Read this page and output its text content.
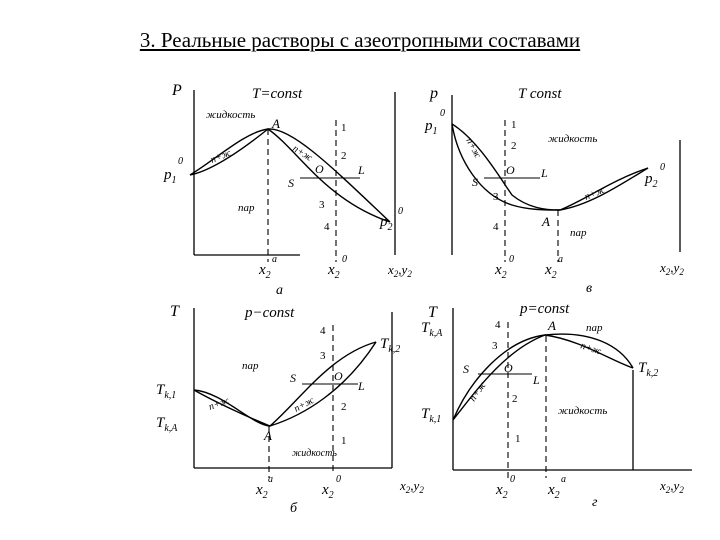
3. Реальные растворы с азеотропными составами
P	T=const
жидкость
пар
A
$p_1$
0
$p_2$
0
п+ж	п+ж
O	L
S
1
2
3
4
$x_2$
a
$x_2$
0
$x_2,y_2$
а
p	T const
жидкость
пар
A
$p_1$
0
$p_2$
0
п+ж
п+ж
O L
S
1
2
3
4
$x_2$
0
$x_2$
a
$x_2,y_2$
в
T	p−const
пар
жидкость
A
$T_{k,1}$
$T_{k,A}$
$T_{k,2}$
п+ж	п+ж
O
L
S
4
3
2
1
$x_2$
a
$x_2$
0	$x_2,y_2$
б
T	p=const
пар
жидкость
A
$T_{k,A}$
$T_{k,1}$
$T_{k,2}$
п+ж
п+ж
O
L
S
4
3
2
1
$x_2$
0
$x_2$
a	$x_2,y_2$
г
